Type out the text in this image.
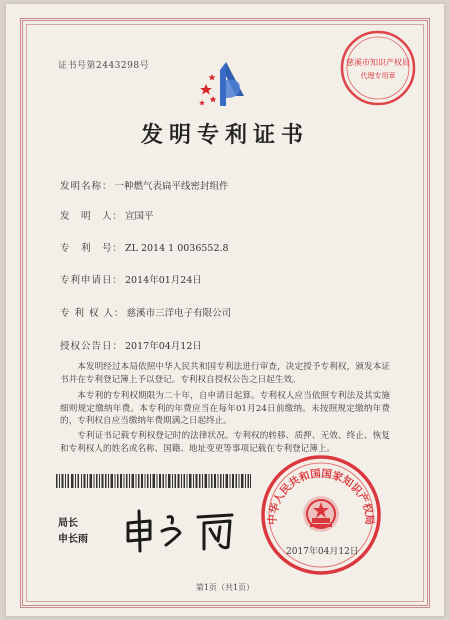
证书号第2443298号	慈溪市知识产权局
代理专用章
发明专利证书
发明名称： 一种燃气表扁平线密封组件
发　明　人： 宣国平
专　利　号： ZL 2014 1 0036552.8
专利申请日： 2014年01月24日
专 利 权 人： 慈溪市三洋电子有限公司
授权公告日： 2017年04月12日
本发明经过本局依照中华人民共和国专利法进行审查，决定授予专利权，颁发本证书并在专利登记簿上予以登记。专利权自授权公告之日起生效。
本专利的专利权期限为二十年，自申请日起算。专利权人应当依照专利法及其实施细则规定缴纳年费。本专利的年费应当在每年01月24日前缴纳。未按照规定缴纳年费的，专利权自应当缴纳年费期满之日起终止。
专利证书记载专利权登记时的法律状况。专利权的转移、质押、无效、终止、恢复和专利权人的姓名或名称、国籍、地址变更等事项记载在专利登记簿上。
局长
申长雨
中华人民共和国国家知识产权局
2017年04月12日
第1页（共1页）
